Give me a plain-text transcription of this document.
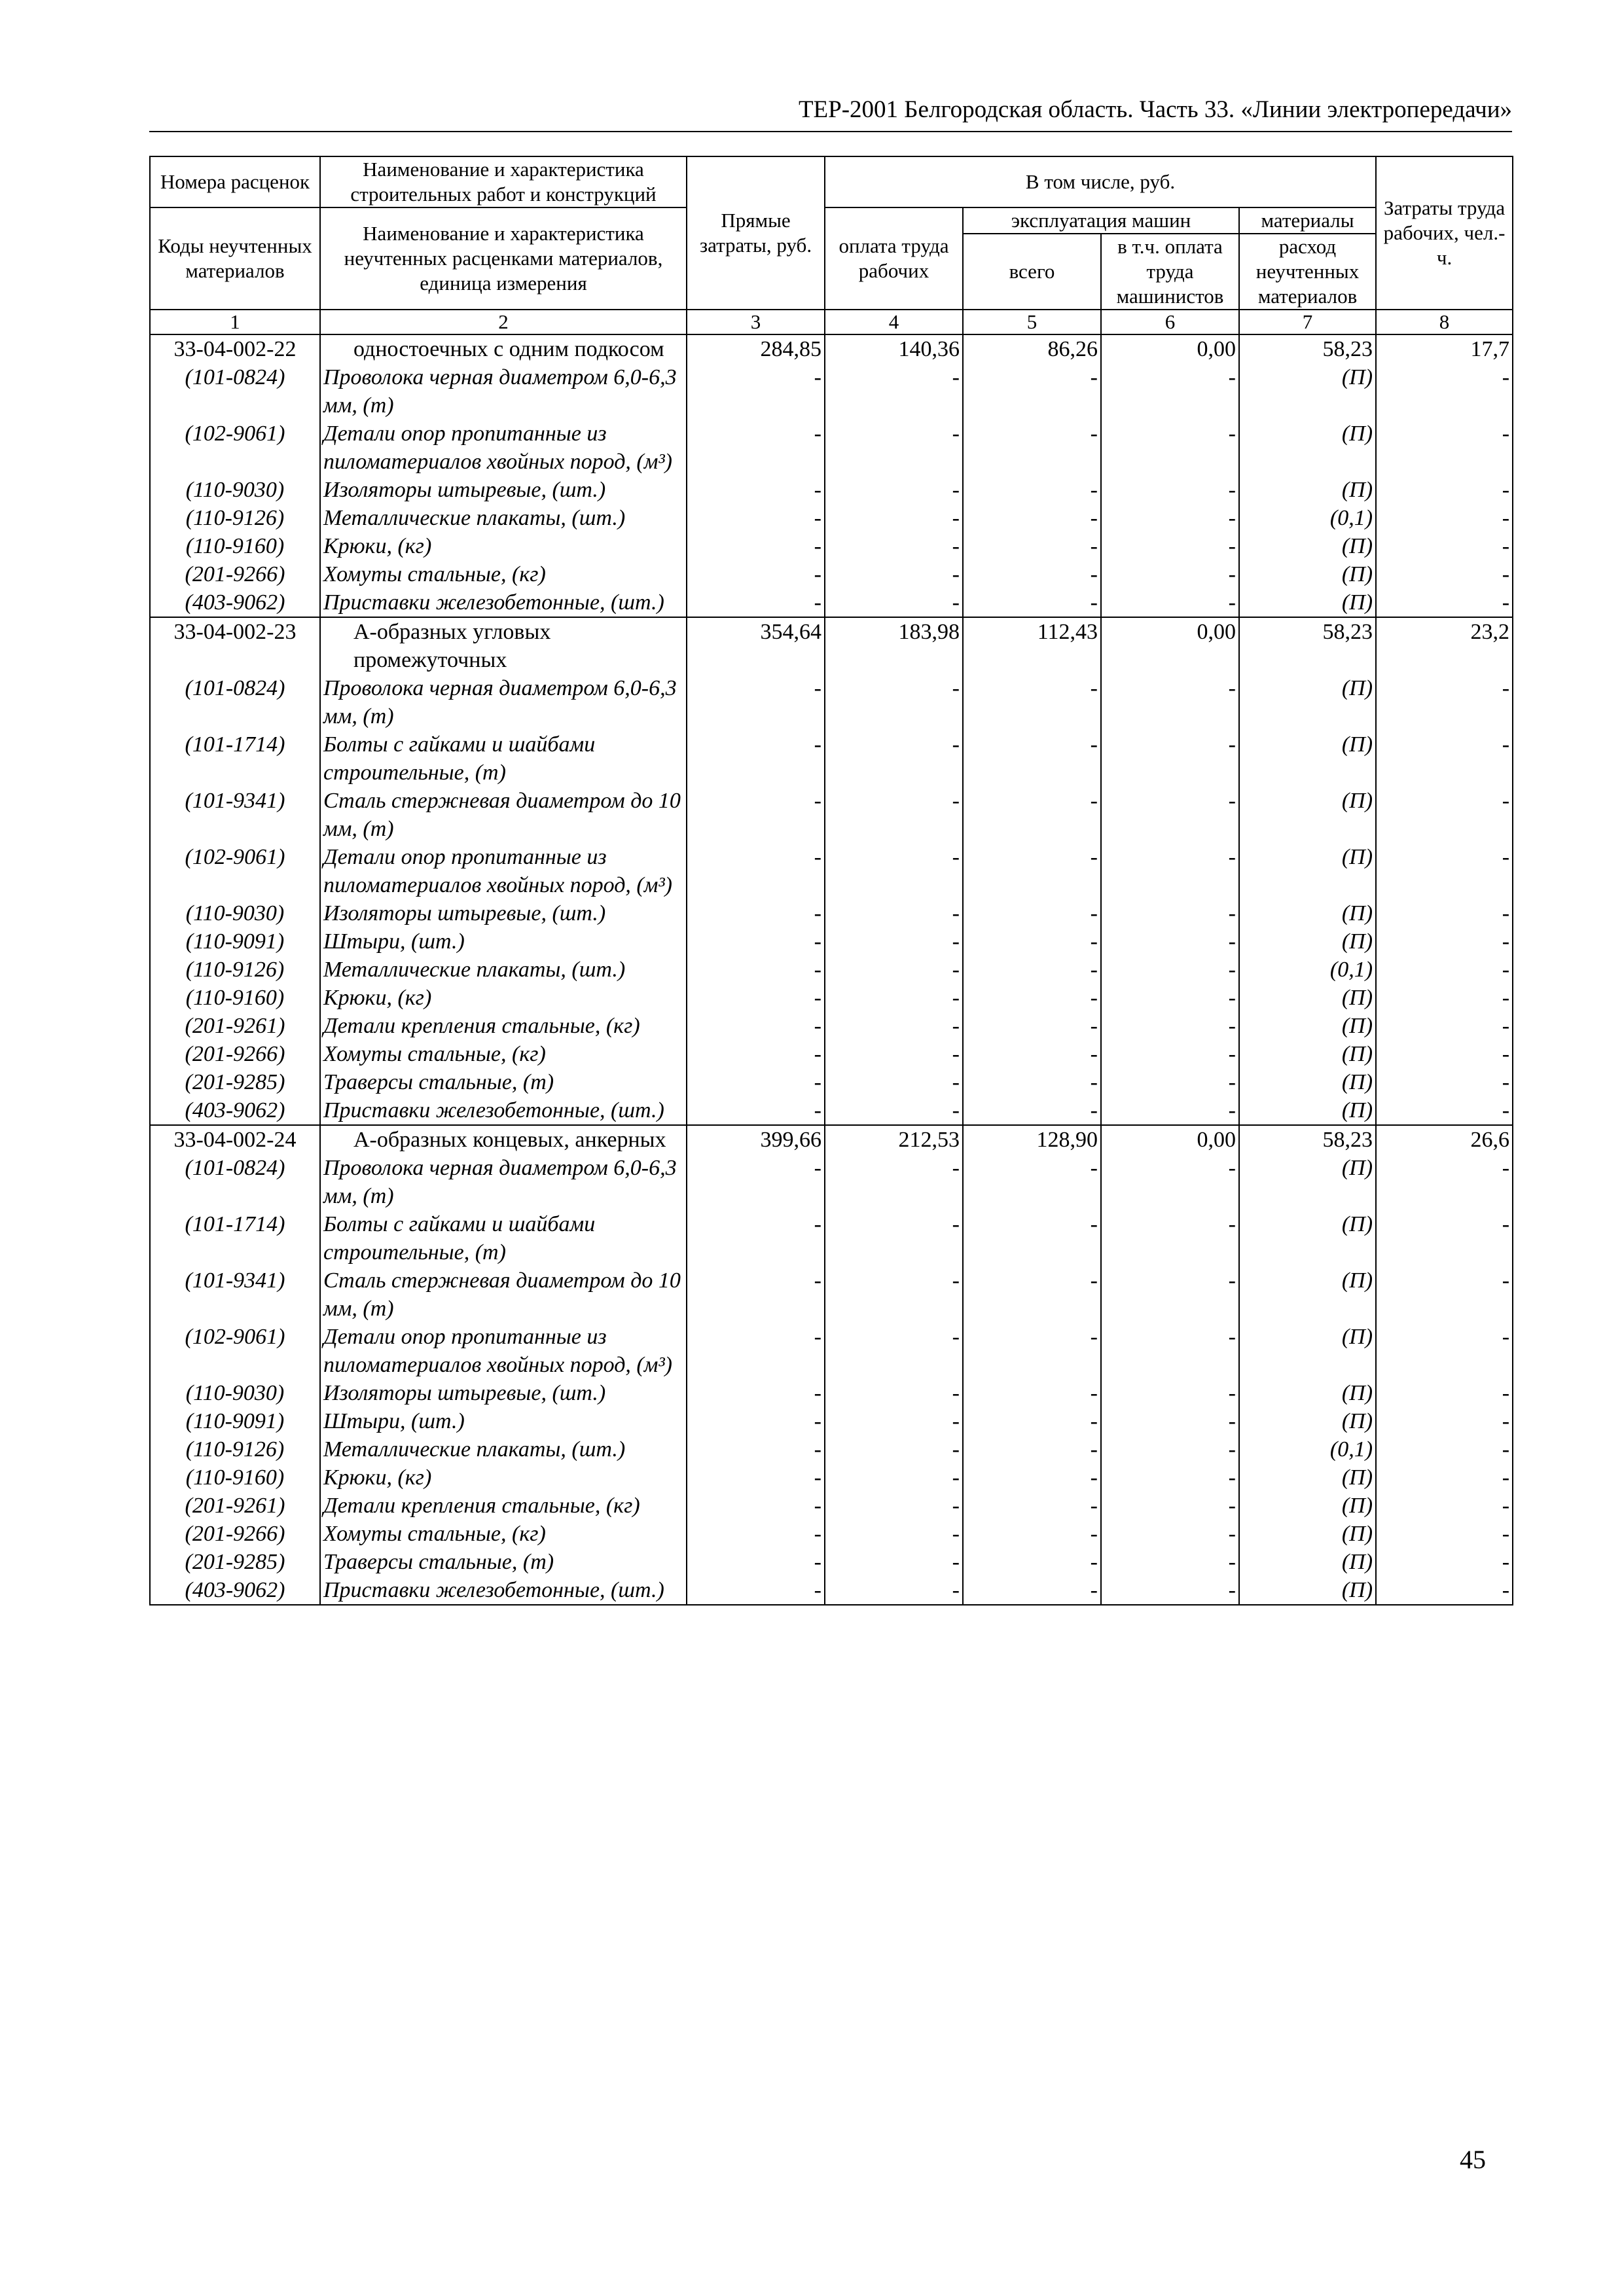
ТЕР-2001 Белгородская область. Часть 33. «Линии электропередачи»
Номера расценок	Наименование и характеристика строительных работ и конструкций	Прямые затраты, руб.	В том числе, руб.				Затраты труда рабочих, чел.-ч.
Коды неучтенных материалов	Наименование и характеристика неучтенных расценками материалов, единица измерения		оплата труда рабочих	эксплуатация машин		материалы	
				всего	в т.ч. оплата труда машинистов	расход неучтенных материалов	
1	2	3	4	5	6	7	8
33-04-002-22	одностоечных с одним подкосом	284,85	140,36	86,26	0,00	58,23	17,7
(101-0824)	Проволока черная диаметром 6,0-6,3 мм, (т)	-	-	-	-	(П)	-
(102-9061)	Детали опор пропитанные из пиломатериалов хвойных пород, (м³)	-	-	-	-	(П)	-
(110-9030)	Изоляторы штыревые, (шт.)	-	-	-	-	(П)	-
(110-9126)	Металлические плакаты, (шт.)	-	-	-	-	(0,1)	-
(110-9160)	Крюки, (кг)	-	-	-	-	(П)	-
(201-9266)	Хомуты стальные, (кг)	-	-	-	-	(П)	-
(403-9062)	Приставки железобетонные, (шт.)	-	-	-	-	(П)	-
33-04-002-23	А-образных угловых промежуточных	354,64	183,98	112,43	0,00	58,23	23,2
(101-0824)	Проволока черная диаметром 6,0-6,3 мм, (т)	-	-	-	-	(П)	-
(101-1714)	Болты с гайками и шайбами строительные, (т)	-	-	-	-	(П)	-
(101-9341)	Сталь стержневая диаметром до 10 мм, (т)	-	-	-	-	(П)	-
(102-9061)	Детали опор пропитанные из пиломатериалов хвойных пород, (м³)	-	-	-	-	(П)	-
(110-9030)	Изоляторы штыревые, (шт.)	-	-	-	-	(П)	-
(110-9091)	Штыри, (шт.)	-	-	-	-	(П)	-
(110-9126)	Металлические плакаты, (шт.)	-	-	-	-	(0,1)	-
(110-9160)	Крюки, (кг)	-	-	-	-	(П)	-
(201-9261)	Детали крепления стальные, (кг)	-	-	-	-	(П)	-
(201-9266)	Хомуты стальные, (кг)	-	-	-	-	(П)	-
(201-9285)	Траверсы стальные, (т)	-	-	-	-	(П)	-
(403-9062)	Приставки железобетонные, (шт.)	-	-	-	-	(П)	-
33-04-002-24	А-образных концевых, анкерных	399,66	212,53	128,90	0,00	58,23	26,6
(101-0824)	Проволока черная диаметром 6,0-6,3 мм, (т)	-	-	-	-	(П)	-
(101-1714)	Болты с гайками и шайбами строительные, (т)	-	-	-	-	(П)	-
(101-9341)	Сталь стержневая диаметром до 10 мм, (т)	-	-	-	-	(П)	-
(102-9061)	Детали опор пропитанные из пиломатериалов хвойных пород, (м³)	-	-	-	-	(П)	-
(110-9030)	Изоляторы штыревые, (шт.)	-	-	-	-	(П)	-
(110-9091)	Штыри, (шт.)	-	-	-	-	(П)	-
(110-9126)	Металлические плакаты, (шт.)	-	-	-	-	(0,1)	-
(110-9160)	Крюки, (кг)	-	-	-	-	(П)	-
(201-9261)	Детали крепления стальные, (кг)	-	-	-	-	(П)	-
(201-9266)	Хомуты стальные, (кг)	-	-	-	-	(П)	-
(201-9285)	Траверсы стальные, (т)	-	-	-	-	(П)	-
(403-9062)	Приставки железобетонные, (шт.)	-	-	-	-	(П)	-
45
